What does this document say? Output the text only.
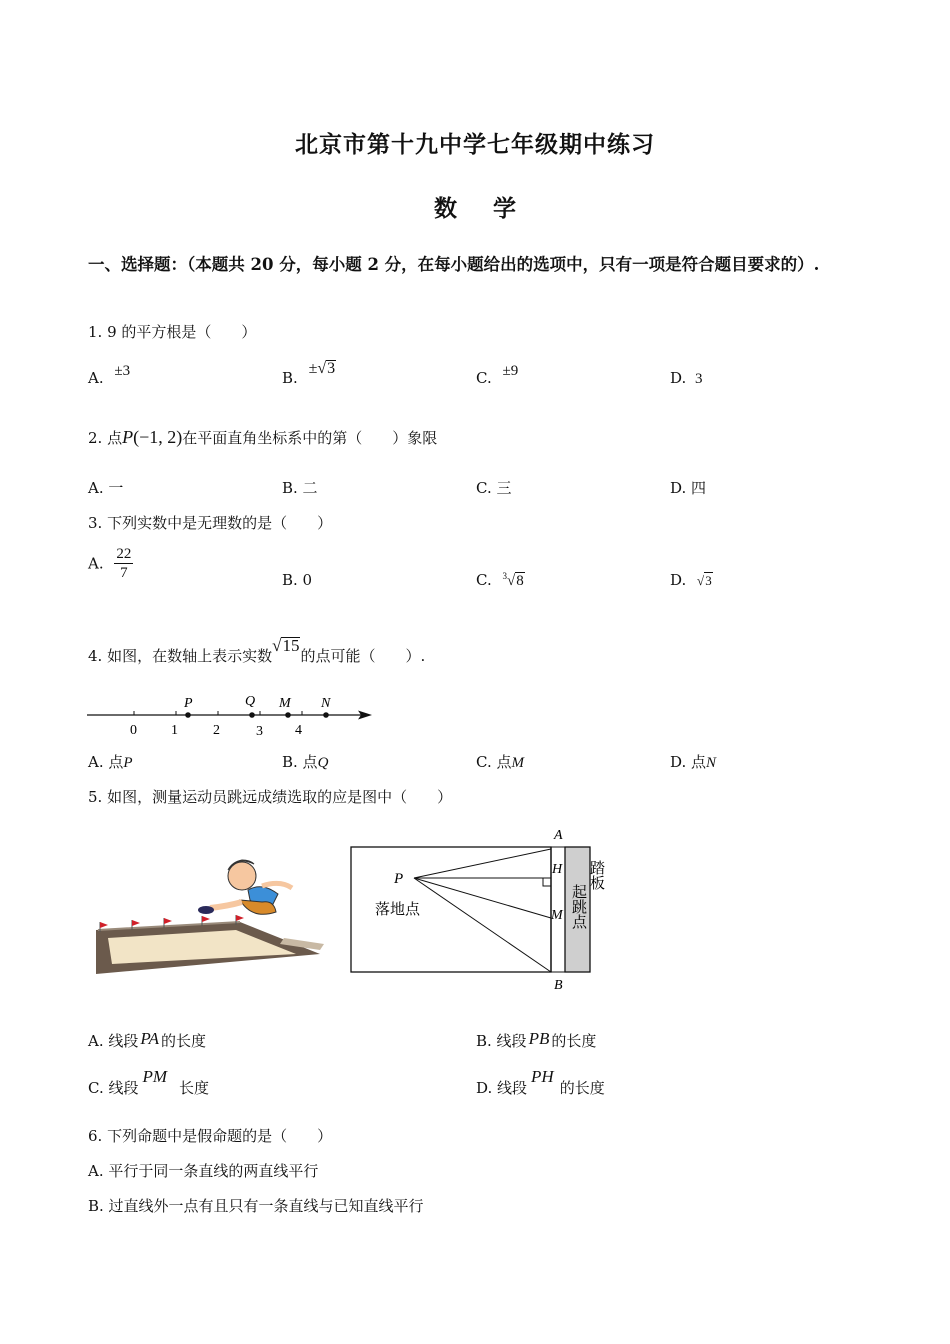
北京市第十九中学七年级期中练习
数 学
一、选择题：（本题共 20 分，每小题 2 分，在每小题给出的选项中，只有一项是符合题目要求的）.
1. 9 的平方根是（　　）
A. ±3	B. ±√3
C. ±9	D. 3
2. 点P(−1, 2)在平面直角坐标系中的第（　　）象限
A. 一	B. 二	C. 三	D. 四
3. 下列实数中是无理数的是（　　）
A. $\frac{22}{7}$	B. 0	C. $^3$√8	D. √3
4. 如图，在数轴上表示实数√15的点可能（　　）.
0 1	2	3 4
P	Q M N
A. 点P	B. 点Q	C. 点M	D. 点N
5. 如图，测量运动员跳远成绩选取的应是图中（　　）
P
落地点
A
H
M
B
踏板
起跳点
A. 线段 PA 的长度	B. 线段 PB 的长度
C. 线段PM长度	D. 线段PH的长度
6. 下列命题中是假命题的是（　　）
A. 平行于同一条直线的两直线平行
B. 过直线外一点有且只有一条直线与已知直线平行
